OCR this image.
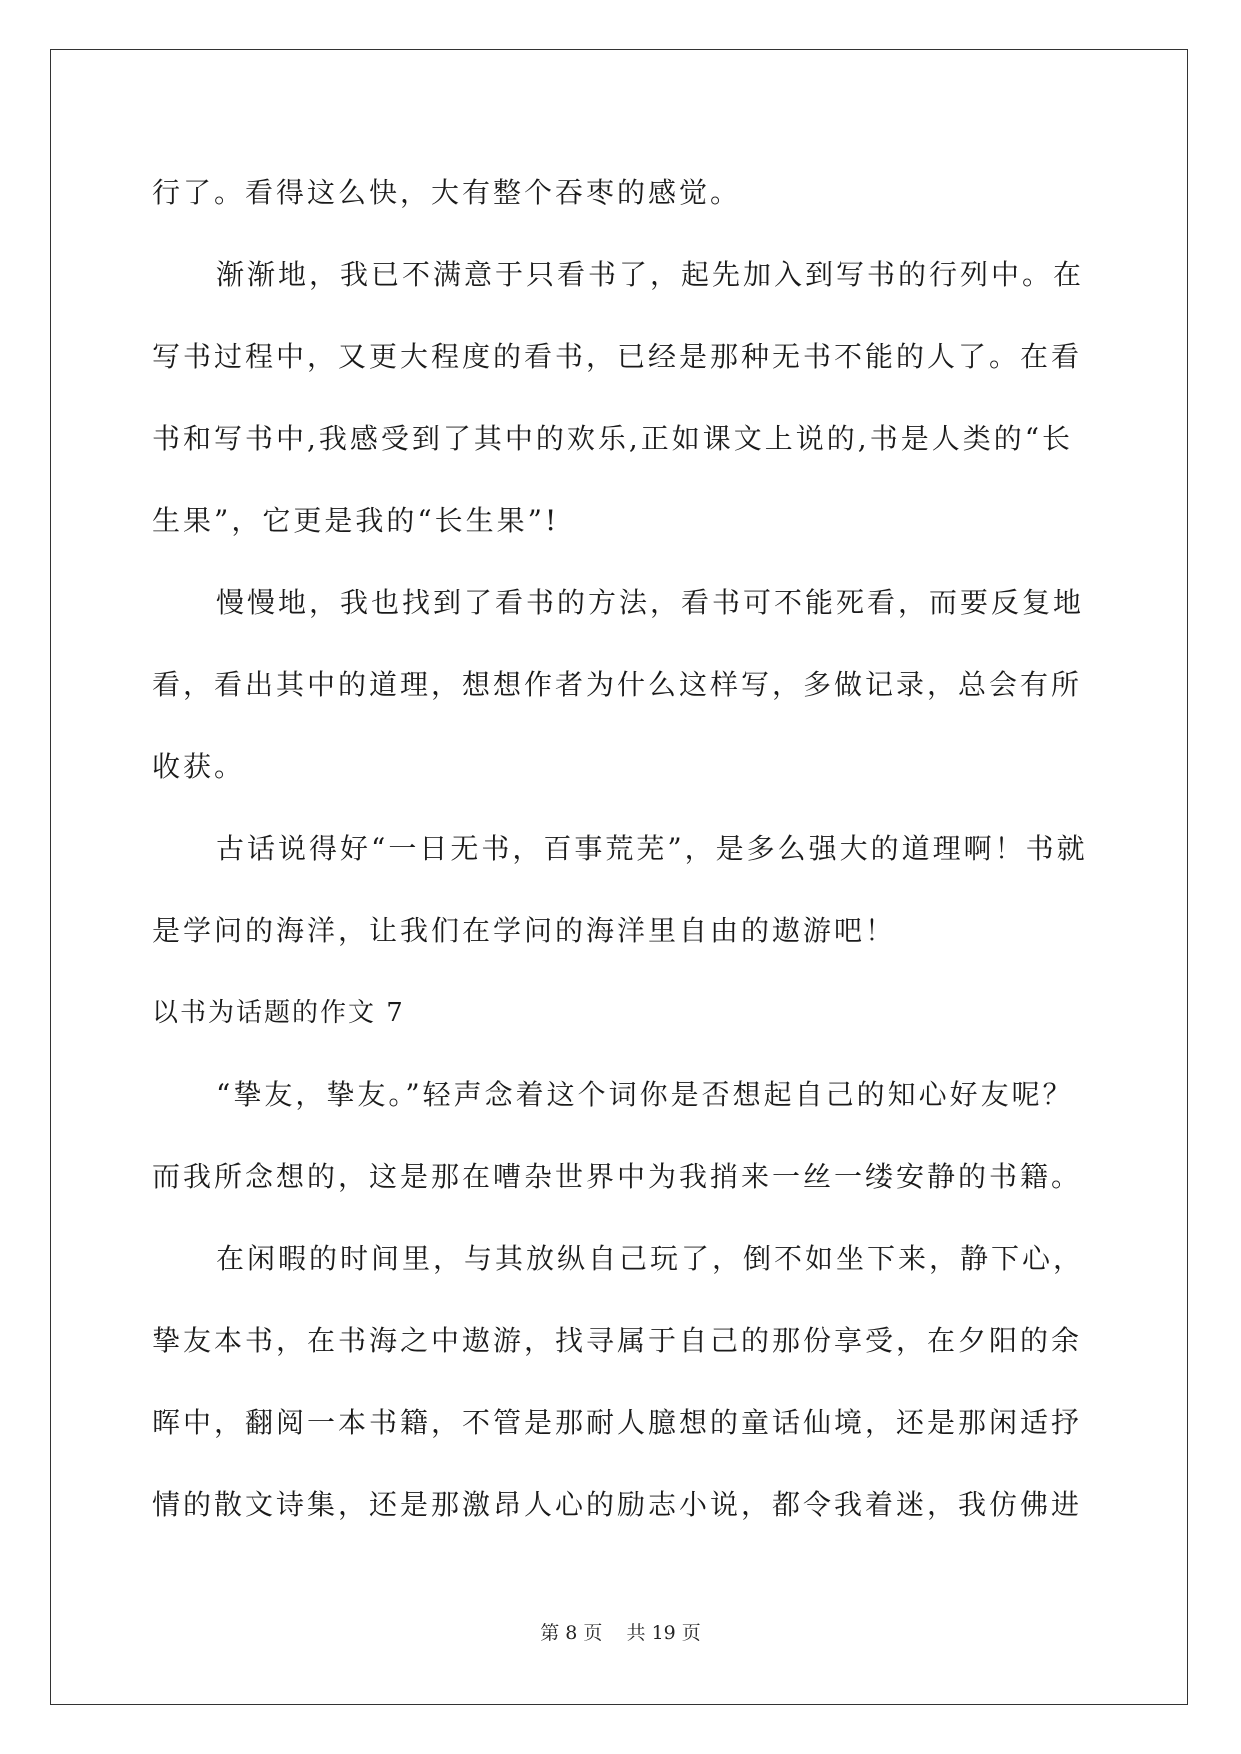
行了。看得这么快，大有整个吞枣的感觉。
渐渐地，我已不满意于只看书了，起先加入到写书的行列中。在
写书过程中，又更大程度的看书，已经是那种无书不能的人了。在看
书和写书中,我感受到了其中的欢乐,正如课文上说的,书是人类的“长
生果”，它更是我的“长生果”!
慢慢地，我也找到了看书的方法，看书可不能死看，而要反复地
看，看出其中的道理，想想作者为什么这样写，多做记录，总会有所
收获。
古话说得好“一日无书，百事荒芜”，是多么强大的道理啊！书就
是学问的海洋，让我们在学问的海洋里自由的遨游吧！
以书为话题的作文 7
“挚友，挚友。”轻声念着这个词你是否想起自己的知心好友呢？
而我所念想的，这是那在嘈杂世界中为我捎来一丝一缕安静的书籍。
在闲暇的时间里，与其放纵自己玩了，倒不如坐下来，静下心，
挚友本书，在书海之中遨游，找寻属于自己的那份享受，在夕阳的余
晖中，翻阅一本书籍，不管是那耐人臆想的童话仙境，还是那闲适抒
情的散文诗集，还是那激昂人心的励志小说，都令我着迷，我仿佛进
第 8 页    共 19 页
